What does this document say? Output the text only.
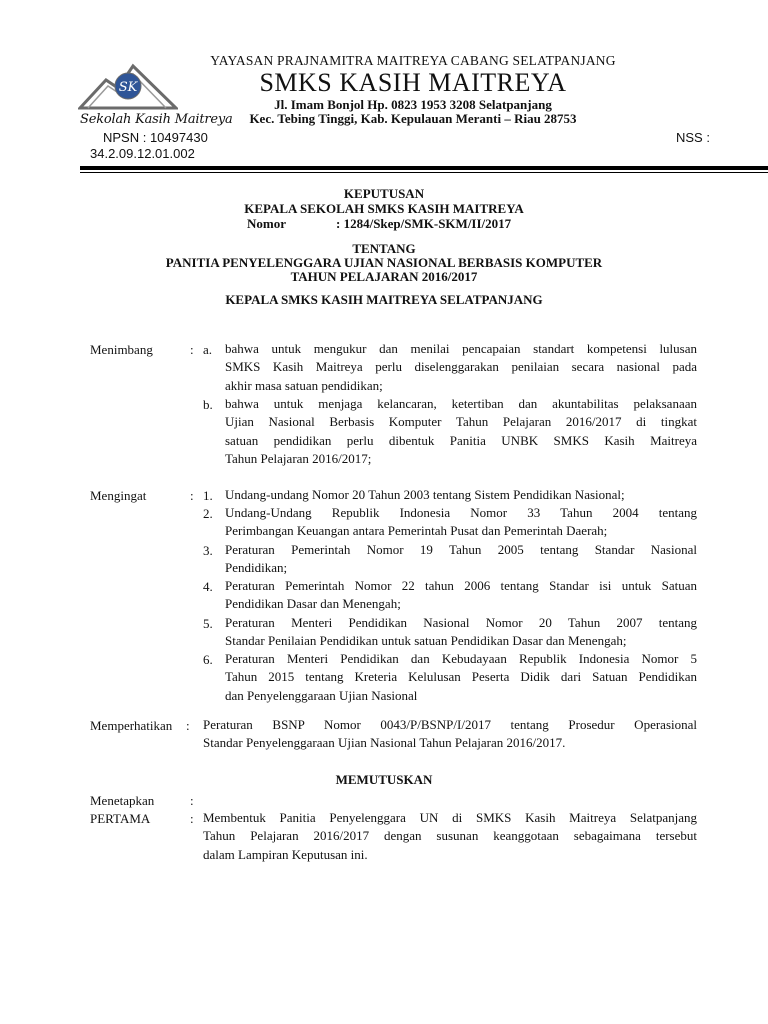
SK
Sekolah Kasih Maitreya
YAYASAN PRAJNAMITRA MAITREYA CABANG SELATPANJANG
SMKS KASIH MAITREYA
Jl. Imam Bonjol Hp. 0823 1953 3208 Selatpanjang
Kec. Tebing Tinggi, Kab. Kepulauan Meranti – Riau 28753
NPSN : 10497430
34.2.09.12.01.002
NSS :
KEPUTUSAN
KEPALA SEKOLAH SMKS KASIH MAITREYA
Nomor	: 1284/Skep/SMK-SKM/II/2017
TENTANG
PANITIA PENYELENGGARA UJIAN NASIONAL BERBASIS KOMPUTER
TAHUN PELAJARAN 2016/2017
KEPALA SMKS KASIH MAITREYA SELATPANJANG
Menimbang	: a. bahwa untuk mengukur dan menilai pencapaian standart kompetensi lulusan
SMKS Kasih Maitreya perlu diselenggarakan penilaian secara nasional pada
akhir masa satuan pendidikan;
b. bahwa untuk menjaga kelancaran, ketertiban dan akuntabilitas pelaksanaan
Ujian Nasional Berbasis Komputer Tahun Pelajaran 2016/2017 di tingkat
satuan pendidikan perlu dibentuk Panitia UNBK SMKS Kasih Maitreya
Tahun Pelajaran 2016/2017;
Mengingat	: 1. Undang-undang Nomor 20 Tahun 2003 tentang Sistem Pendidikan Nasional;
2. Undang-Undang Republik Indonesia Nomor 33 Tahun 2004 tentang
Perimbangan Keuangan antara Pemerintah Pusat dan Pemerintah Daerah;
3. Peraturan Pemerintah Nomor 19 Tahun 2005 tentang Standar Nasional
Pendidikan;
4. Peraturan Pemerintah Nomor 22 tahun 2006 tentang Standar isi untuk Satuan
Pendidikan Dasar dan Menengah;
5. Peraturan Menteri Pendidikan Nasional Nomor 20 Tahun 2007 tentang
Standar Penilaian Pendidikan untuk satuan Pendidikan Dasar dan Menengah;
6. Peraturan Menteri Pendidikan dan Kebudayaan Republik Indonesia Nomor 5
Tahun 2015 tentang Kreteria Kelulusan Peserta Didik dari Satuan Pendidikan
dan Penyelenggaraan Ujian Nasional
Memperhatikan : Peraturan BSNP Nomor 0043/P/BSNP/I/2017 tentang Prosedur Operasional
Standar Penyelenggaraan Ujian Nasional Tahun Pelajaran 2016/2017.
MEMUTUSKAN
Menetapkan	:
PERTAMA	: Membentuk Panitia Penyelenggara UN di SMKS Kasih Maitreya Selatpanjang
Tahun Pelajaran 2016/2017 dengan susunan keanggotaan sebagaimana tersebut
dalam Lampiran Keputusan ini.
